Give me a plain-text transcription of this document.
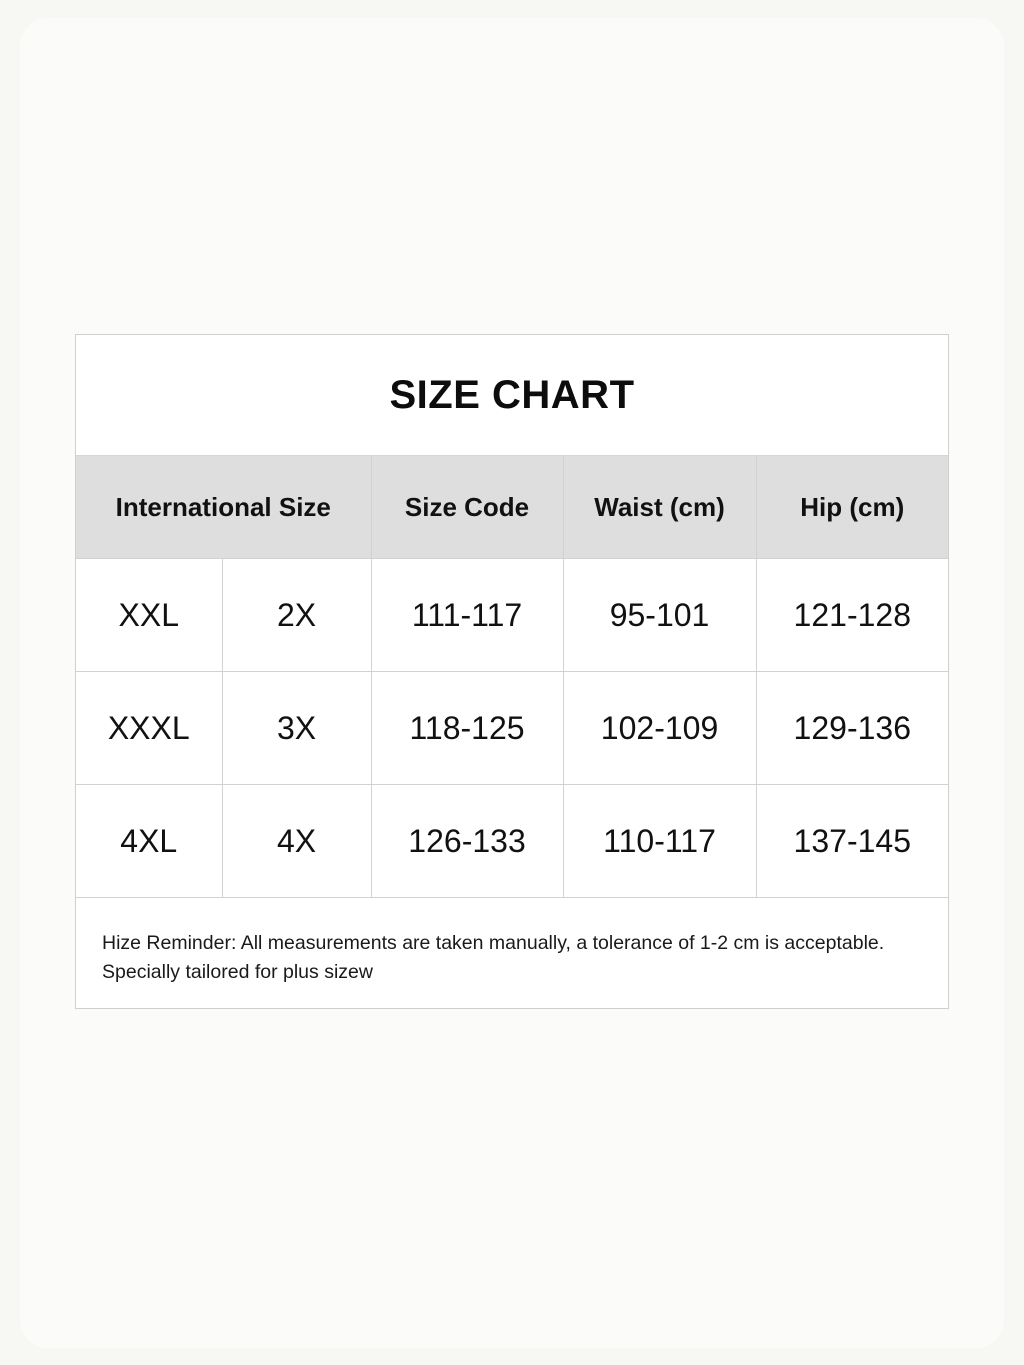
SIZE CHART
International Size		Size Code	Waist (cm)	Hip (cm)
XXL	2X	111-117	95-101	121-128
XXXL	3X	118-125	102-109	129-136
4XL	4X	126-133	110-117	137-145
Hize Reminder: All measurements are taken manually, a tolerance of 1-2 cm is acceptable.
Specially tailored for plus sizew
